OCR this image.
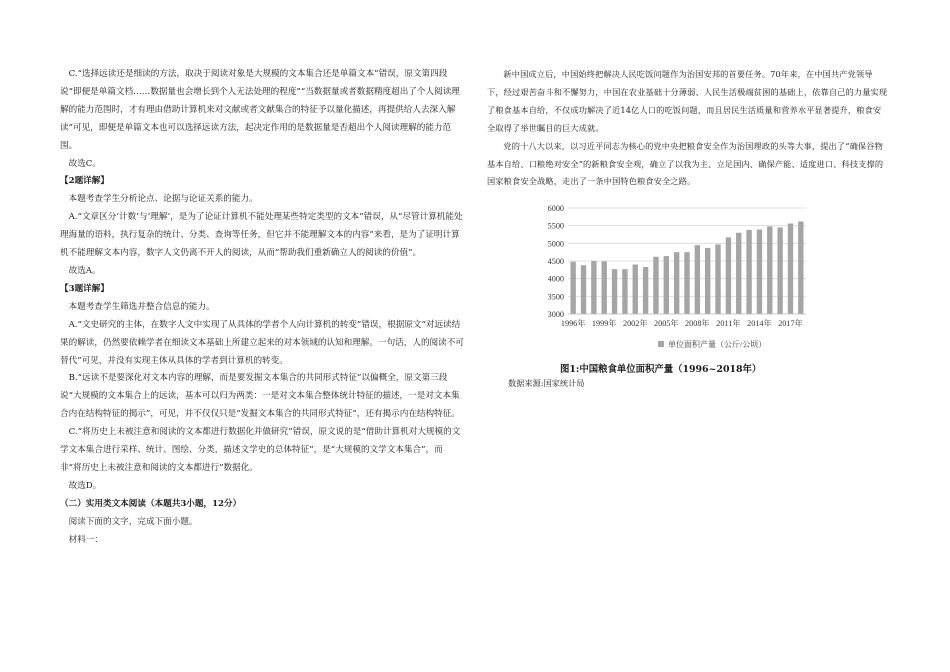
C.“选择远读还是细读的方法，取决于阅读对象是大规模的文本集合还是单篇文本”错误，原文第四段说“即便是单篇文档……数据量也会增长到个人无法处理的程度”“当数据量或者数据精度超出了个人阅读理解的能力范围时，才有理由借助计算机来对文献或者文献集合的特征予以量化描述，再提供给人去深入解读”可见，即便是单篇文本也可以选择远读方法，起决定作用的是数据量是否超出个人阅读理解的能力范围。

故选C。

【2题详解】

本题考查学生分析论点、论据与论证关系的能力。

A.“文章区分‘计数’与‘理解’，是为了论证计算机不能处理某些特定类型的文本”错误，从“尽管计算机能处理海量的语料，执行复杂的统计、分类、查询等任务，但它并不能理解文本的内容”来看，是为了证明计算机不能理解文本内容，数字人文仍离不开人的阅读，从而“帮助我们重新确立人的阅读的价值”。

故选A。

【3题详解】

本题考查学生筛选并整合信息的能力。

A.“文史研究的主体，在数字人文中实现了从具体的学者个人向计算机的转变”错误，根据原文“对远读结果的解读，仍然要依赖学者在细读文本基础上所建立起来的对本领域的认知和理解。一句话，人的阅读不可替代”可见，并没有实现主体从具体的学者到计算机的转变。

B.“远读不是要深化对文本内容的理解，而是要发掘文本集合的共同形式特征”以偏概全，原文第三段说“大规模的文本集合上的远读，基本可以归为两类：一是对文本集合整体统计特征的描述，一是对文本集合内在结构特征的揭示”，可见，并不仅仅只是“发掘文本集合的共同形式特征”，还有揭示内在结构特征。

C.“将历史上未被注意和阅读的文本都进行数据化并做研究”错误，原文说的是“借助计算机对大规模的文学文本集合进行采样、统计、图绘、分类，描述文学史的总体特征”，是“大规模的文学文本集合”，而非“将历史上未被注意和阅读的文本都进行”数据化。

故选D。

（二）实用类文本阅读（本题共3小题，12分）

阅读下面的文字，完成下面小题。

材料一：

新中国成立后，中国始终把解决人民吃饭问题作为治国安邦的首要任务。70年来，在中国共产党领导下，经过艰苦奋斗和不懈努力，中国在农业基础十分薄弱、人民生活极端贫困的基础上，依靠自己的力量实现了粮食基本自给，不仅成功解决了近14亿人口的吃饭问题，而且居民生活质量和营养水平显著提升，粮食安全取得了举世瞩目的巨大成就。

党的十八大以来，以习近平同志为核心的党中央把粮食安全作为治国理政的头等大事，提出了“确保谷物基本自给、口粮绝对安全”的新粮食安全观，确立了以我为主、立足国内、确保产能、适度进口、科技支撑的国家粮食安全战略，走出了一条中国特色粮食安全之路。

3000
3500
4000
4500
5000
5500
6000
1996年 1999年 2002年 2005年 2008年 2011年 2014年 2017年
单位面积产量（公斤/公顷）
图1:中国粮食单位面积产量（1996~2018年）
数据来源:国家统计局
